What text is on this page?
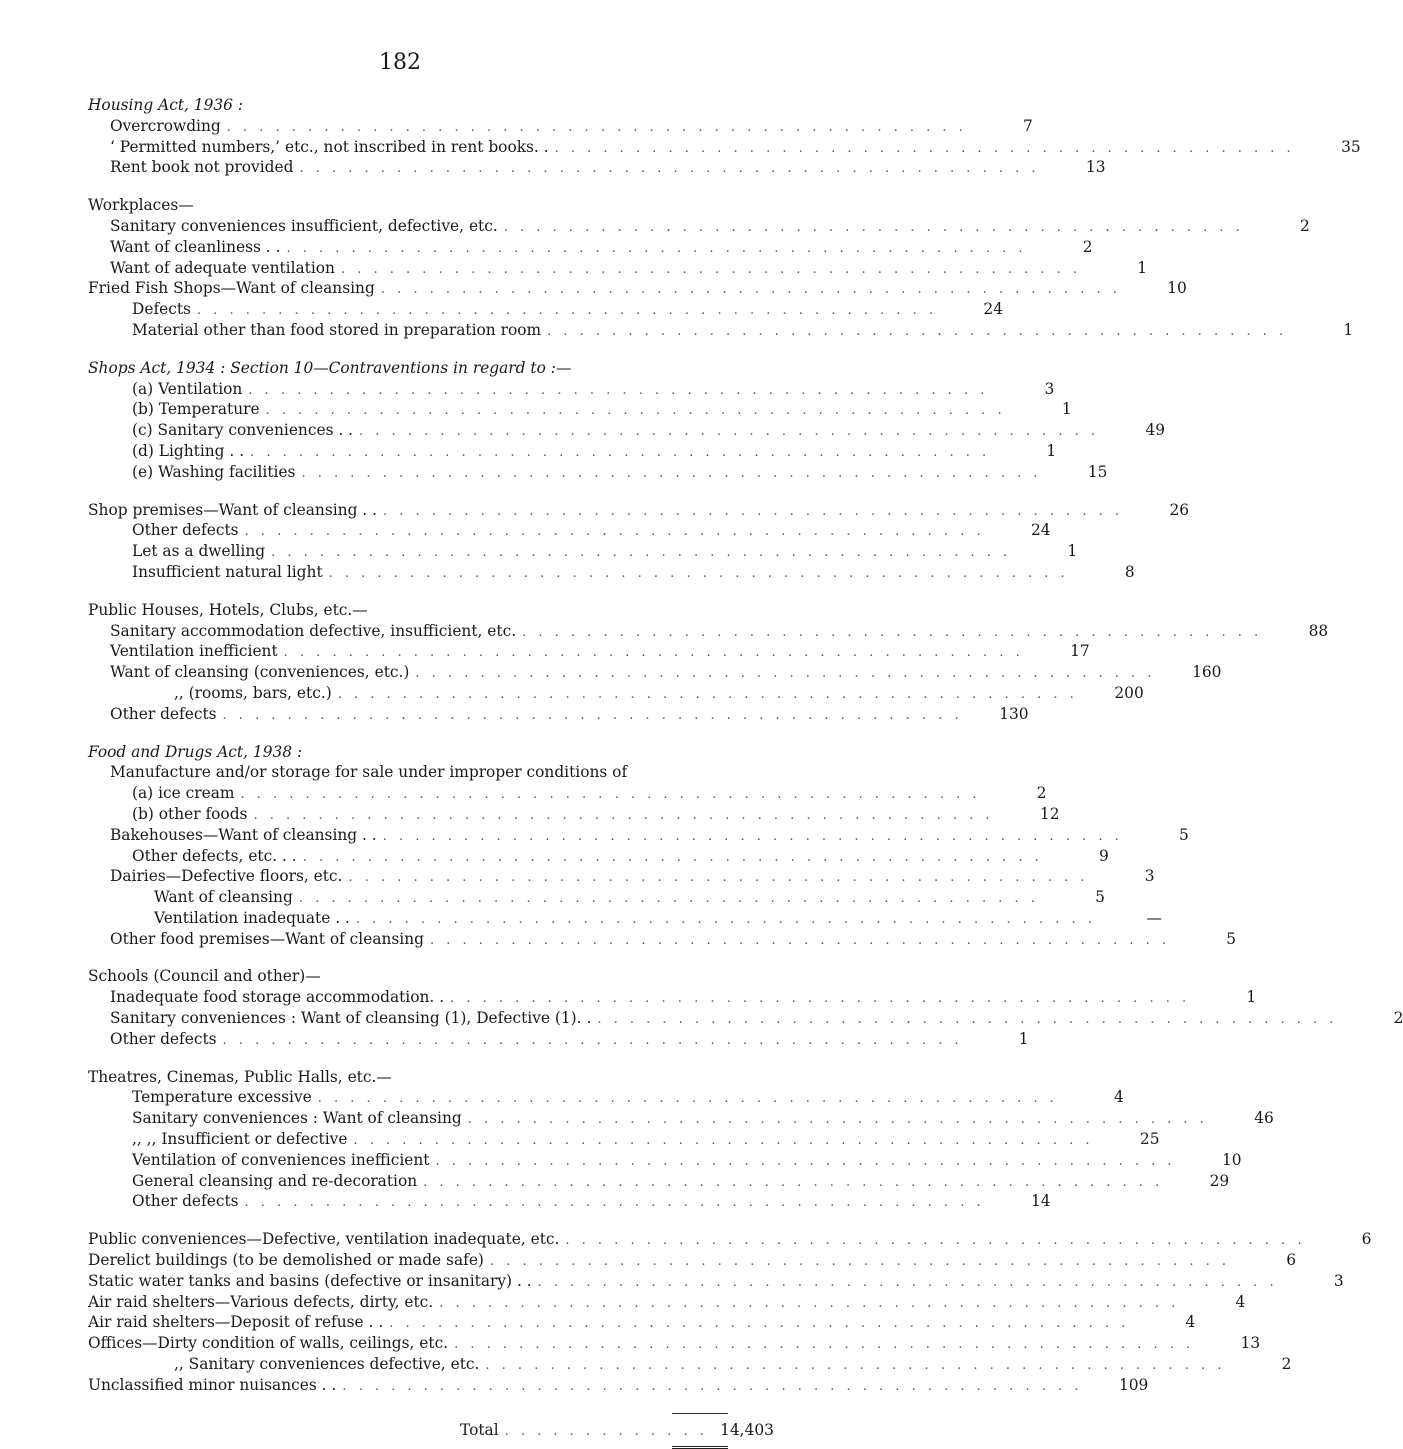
182
Housing Act, 1936 :
Overcrowding . . . . . . . . . . . . . . . . . . . . . . . . . . . . . . . . . . . . . . . . . . . . . .	7
‘ Permitted numbers,’ etc., not inscribed in rent books. . . . . . . . . . . . . . . . . . . . . . . . . . . . . . . . . . . . . . . . . . . . . . . .	35
Rent book not provided . . . . . . . . . . . . . . . . . . . . . . . . . . . . . . . . . . . . . . . . . . . . . .	13
Workplaces—
Sanitary conveniences insufficient, defective, etc. . . . . . . . . . . . . . . . . . . . . . . . . . . . . . . . . . . . . . . . . . . . . . .	2
Want of cleanliness . . . . . . . . . . . . . . . . . . . . . . . . . . . . . . . . . . . . . . . . . . . . . . . .	2
Want of adequate ventilation . . . . . . . . . . . . . . . . . . . . . . . . . . . . . . . . . . . . . . . . . . . . . .	1
Fried Fish Shops—Want of cleansing . . . . . . . . . . . . . . . . . . . . . . . . . . . . . . . . . . . . . . . . . . . . . .	10
Defects . . . . . . . . . . . . . . . . . . . . . . . . . . . . . . . . . . . . . . . . . . . . . .	24
Material other than food stored in preparation room . . . . . . . . . . . . . . . . . . . . . . . . . . . . . . . . . . . . . . . . . . . . . .	1
Shops Act, 1934 : Section 10—Contraventions in regard to :—
(a) Ventilation . . . . . . . . . . . . . . . . . . . . . . . . . . . . . . . . . . . . . . . . . . . . . .	3
(b) Temperature . . . . . . . . . . . . . . . . . . . . . . . . . . . . . . . . . . . . . . . . . . . . . .	1
(c) Sanitary conveniences . . . . . . . . . . . . . . . . . . . . . . . . . . . . . . . . . . . . . . . . . . . . . . . .	49
(d) Lighting . . . . . . . . . . . . . . . . . . . . . . . . . . . . . . . . . . . . . . . . . . . . . . . .	1
(e) Washing facilities . . . . . . . . . . . . . . . . . . . . . . . . . . . . . . . . . . . . . . . . . . . . . .	15
Shop premises—Want of cleansing . . . . . . . . . . . . . . . . . . . . . . . . . . . . . . . . . . . . . . . . . . . . . . . .	26
Other defects . . . . . . . . . . . . . . . . . . . . . . . . . . . . . . . . . . . . . . . . . . . . . .	24
Let as a dwelling . . . . . . . . . . . . . . . . . . . . . . . . . . . . . . . . . . . . . . . . . . . . . .	1
Insufficient natural light . . . . . . . . . . . . . . . . . . . . . . . . . . . . . . . . . . . . . . . . . . . . . .	8
Public Houses, Hotels, Clubs, etc.—
Sanitary accommodation defective, insufficient, etc. . . . . . . . . . . . . . . . . . . . . . . . . . . . . . . . . . . . . . . . . . . . . . .	88
Ventilation inefficient . . . . . . . . . . . . . . . . . . . . . . . . . . . . . . . . . . . . . . . . . . . . . .	17
Want of cleansing (conveniences, etc.) . . . . . . . . . . . . . . . . . . . . . . . . . . . . . . . . . . . . . . . . . . . . . .	160
,, (rooms, bars, etc.) . . . . . . . . . . . . . . . . . . . . . . . . . . . . . . . . . . . . . . . . . . . . . .	200
Other defects . . . . . . . . . . . . . . . . . . . . . . . . . . . . . . . . . . . . . . . . . . . . . .	130
Food and Drugs Act, 1938 :
Manufacture and/or storage for sale under improper conditions of
(a) ice cream . . . . . . . . . . . . . . . . . . . . . . . . . . . . . . . . . . . . . . . . . . . . . .	2
(b) other foods . . . . . . . . . . . . . . . . . . . . . . . . . . . . . . . . . . . . . . . . . . . . . .	12
Bakehouses—Want of cleansing . . . . . . . . . . . . . . . . . . . . . . . . . . . . . . . . . . . . . . . . . . . . . . . .	5
Other defects, etc. . . . . . . . . . . . . . . . . . . . . . . . . . . . . . . . . . . . . . . . . . . . . . . . .	9
Dairies—Defective floors, etc. . . . . . . . . . . . . . . . . . . . . . . . . . . . . . . . . . . . . . . . . . . . . . .	3
Want of cleansing . . . . . . . . . . . . . . . . . . . . . . . . . . . . . . . . . . . . . . . . . . . . . .	5
Ventilation inadequate . . . . . . . . . . . . . . . . . . . . . . . . . . . . . . . . . . . . . . . . . . . . . . . .	—
Other food premises—Want of cleansing . . . . . . . . . . . . . . . . . . . . . . . . . . . . . . . . . . . . . . . . . . . . . .	5
Schools (Council and other)—
Inadequate food storage accommodation. . . . . . . . . . . . . . . . . . . . . . . . . . . . . . . . . . . . . . . . . . . . . . . .	1
Sanitary conveniences : Want of cleansing (1), Defective (1). . . . . . . . . . . . . . . . . . . . . . . . . . . . . . . . . . . . . . . . . . . . . . . .	2
Other defects . . . . . . . . . . . . . . . . . . . . . . . . . . . . . . . . . . . . . . . . . . . . . .	1
Theatres, Cinemas, Public Halls, etc.—
Temperature excessive . . . . . . . . . . . . . . . . . . . . . . . . . . . . . . . . . . . . . . . . . . . . . .	4
Sanitary conveniences : Want of cleansing . . . . . . . . . . . . . . . . . . . . . . . . . . . . . . . . . . . . . . . . . . . . . .	46
,, ,, Insufficient or defective . . . . . . . . . . . . . . . . . . . . . . . . . . . . . . . . . . . . . . . . . . . . . .	25
Ventilation of conveniences inefficient . . . . . . . . . . . . . . . . . . . . . . . . . . . . . . . . . . . . . . . . . . . . . .	10
General cleansing and re-decoration . . . . . . . . . . . . . . . . . . . . . . . . . . . . . . . . . . . . . . . . . . . . . .	29
Other defects . . . . . . . . . . . . . . . . . . . . . . . . . . . . . . . . . . . . . . . . . . . . . .	14
Public conveniences—Defective, ventilation inadequate, etc. . . . . . . . . . . . . . . . . . . . . . . . . . . . . . . . . . . . . . . . . . . . . . .	6
Derelict buildings (to be demolished or made safe) . . . . . . . . . . . . . . . . . . . . . . . . . . . . . . . . . . . . . . . . . . . . . .	6
Static water tanks and basins (defective or insanitary) . . . . . . . . . . . . . . . . . . . . . . . . . . . . . . . . . . . . . . . . . . . . . . . .	3
Air raid shelters—Various defects, dirty, etc. . . . . . . . . . . . . . . . . . . . . . . . . . . . . . . . . . . . . . . . . . . . . . .	4
Air raid shelters—Deposit of refuse . . . . . . . . . . . . . . . . . . . . . . . . . . . . . . . . . . . . . . . . . . . . . . . .	4
Offices—Dirty condition of walls, ceilings, etc. . . . . . . . . . . . . . . . . . . . . . . . . . . . . . . . . . . . . . . . . . . . . . .	13
,, Sanitary conveniences defective, etc. . . . . . . . . . . . . . . . . . . . . . . . . . . . . . . . . . . . . . . . . . . . . . .	2
Unclassified minor nuisances . . . . . . . . . . . . . . . . . . . . . . . . . . . . . . . . . . . . . . . . . . . . . . . .	109
Total . . . . . . . . . . . . . 14,403
